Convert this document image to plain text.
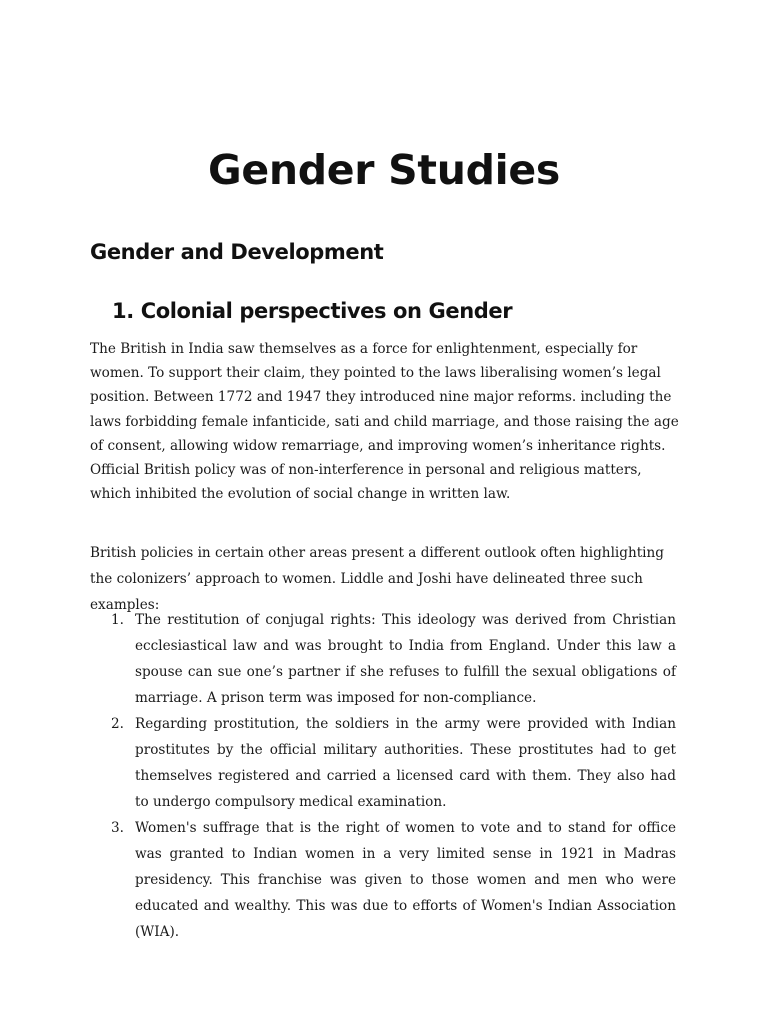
Gender Studies
Gender and Development
1. Colonial perspectives on Gender

The British in India saw themselves as a force for enlightenment, especially for women. To support their claim, they pointed to the laws liberalising women’s legal position. Between 1772 and 1947 they introduced nine major reforms. including the laws forbidding female infanticide, sati and child marriage, and those raising the age of consent, allowing widow remarriage, and improving women’s inheritance rights. Official British policy was of non-interference in personal and religious matters, which inhibited the evolution of social change in written law.

British policies in certain other areas present a different outlook often highlighting the colonizers’ approach to women. Liddle and Joshi have delineated three such examples:

1. The restitution of conjugal rights: This ideology was derived from Christian ecclesiastical law and was brought to India from England. Under this law a spouse can sue one’s partner if she refuses to fulfill the sexual obligations of marriage. A prison term was imposed for non-compliance.
2. Regarding prostitution, the soldiers in the army were provided with Indian prostitutes by the official military authorities. These prostitutes had to get themselves registered and carried a licensed card with them. They also had to undergo compulsory medical examination.
3. Women's suffrage that is the right of women to vote and to stand for office was granted to Indian women in a very limited sense in 1921 in Madras presidency. This franchise was given to those women and men who were educated and wealthy. This was due to efforts of Women's Indian Association (WIA).
